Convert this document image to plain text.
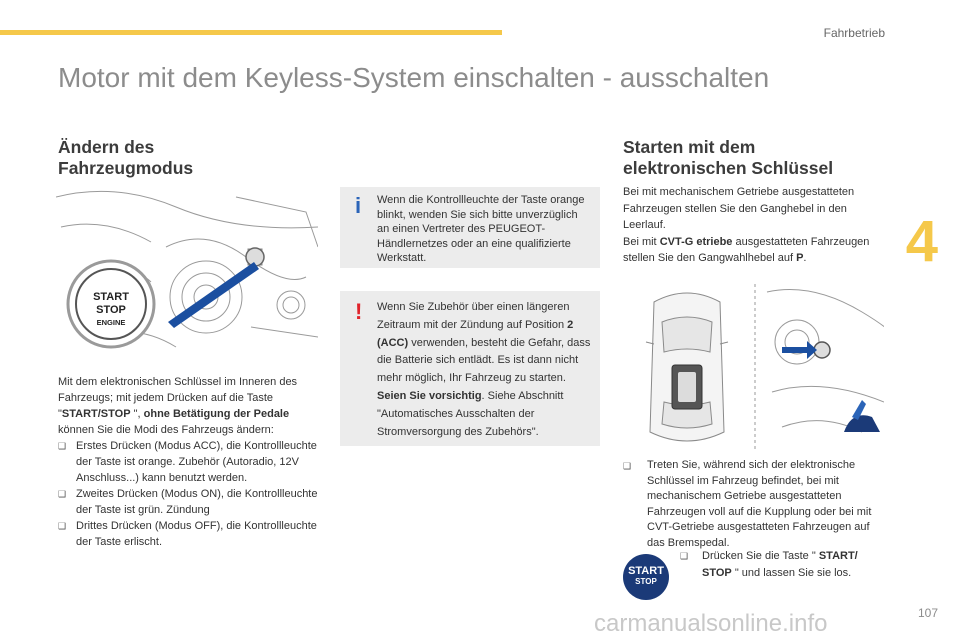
Fahrbetrieb
4
Motor mit dem Keyless-System einschalten - ausschalten
Ändern des
Fahrzeugmodus
START
STOP
ENGINE

Mit dem elektronischen Schlüssel im Inneren des Fahrzeugs; mit jedem Drücken auf die Taste "START/STOP ", ohne Betätigung der Pedale können Sie die Modi des Fahrzeugs ändern:

❑ Erstes Drücken (Modus ACC), die Kontrollleuchte der Taste ist orange. Zubehör (Autoradio, 12V Anschluss...) kann benutzt werden.
❑ Zweites Drücken (Modus ON), die Kontrollleuchte der Taste ist grün. Zündung
❑ Drittes Drücken (Modus OFF), die Kontrollleuchte der Taste erlischt.
i Wenn die Kontrollleuchte der Taste orange blinkt, wenden Sie sich bitte unverzüglich an einen Vertreter des PEUGEOT-Händlernetzes oder an eine qualifizierte Werkstatt.
! Wenn Sie Zubehör über einen längeren Zeitraum mit der Zündung auf Position 2 (ACC) verwenden, besteht die Gefahr, dass die Batterie sich entlädt. Es ist dann nicht mehr möglich, Ihr Fahrzeug zu starten. Seien Sie vorsichtig. Siehe Abschnitt "Automatisches Ausschalten der Stromversorgung des Zubehörs".
Starten mit dem
elektronischen Schlüssel

Bei mit mechanischem Getriebe ausgestatteten Fahrzeugen stellen Sie den Ganghebel in den Leerlauf.

Bei mit CVT-G etriebe ausgestatteten Fahrzeugen stellen Sie den Gangwahlhebel auf P.

❑	Treten Sie, während sich der elektronische Schlüssel im Fahrzeug befindet, bei mit mechanischem Getriebe ausgestatteten Fahrzeugen voll auf die Kupplung oder bei mit CVT-Getriebe ausgestatteten Fahrzeugen auf das Bremspedal.
❑	Drücken Sie die Taste " START/
STOP " und lassen Sie sie los.
START
STOP
carmanualsonline.info	107
